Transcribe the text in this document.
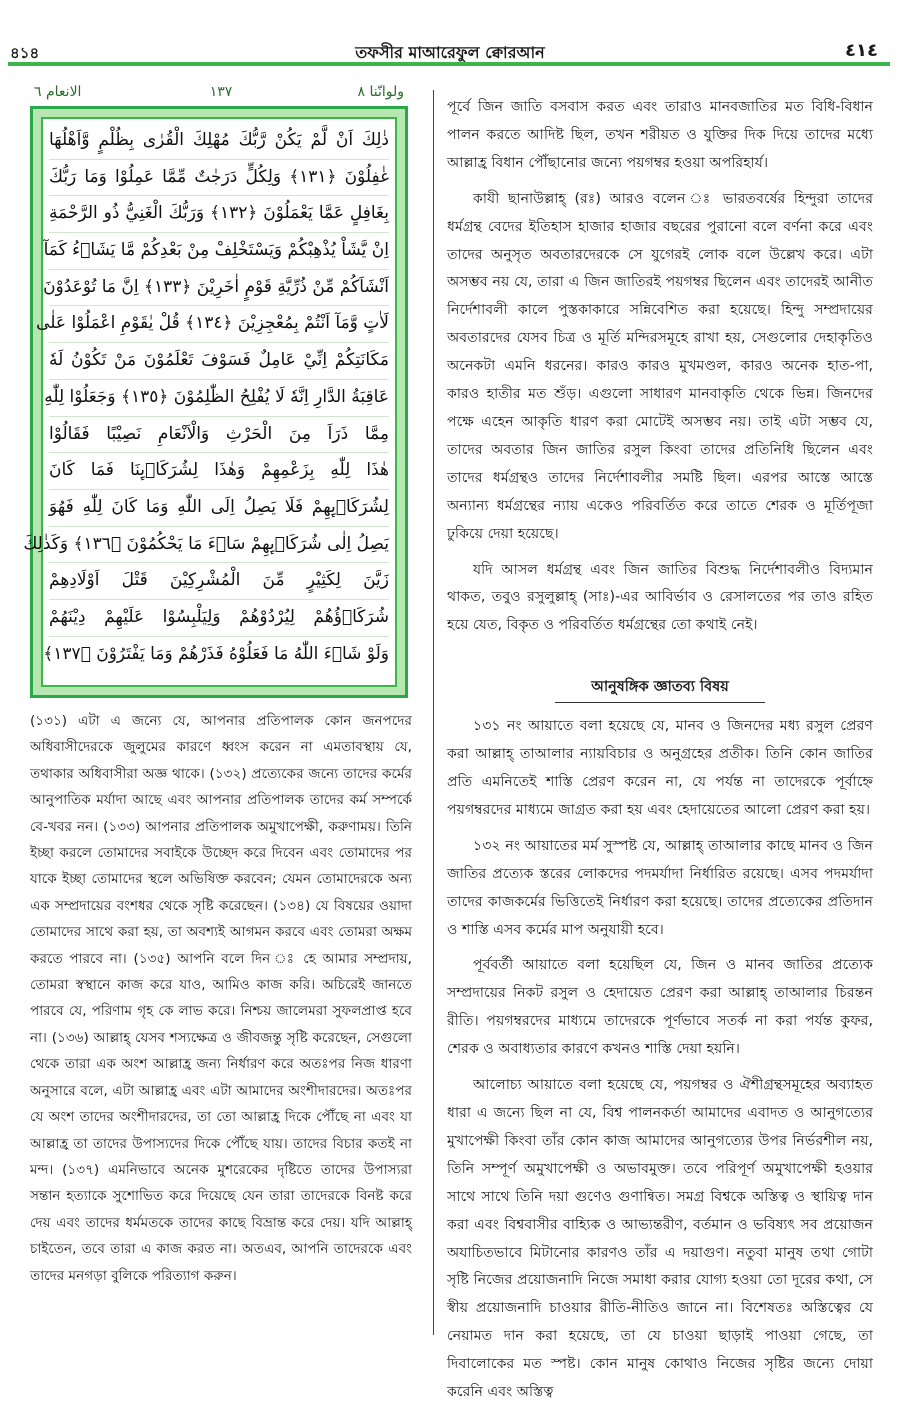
৪১৪	তফসীর মাআরেফুল ক্বোরআন	٤١٤
الانعام ٦	١٣٧	ولوانّنا ٨
ذٰلِكَ اَنْ لَّمْ يَكُنْ رَّبُّكَ مُهْلِكَ الْقُرٰى بِظُلْمٍ وَّاَهْلُهَا
غٰفِلُوْنَ ﴿١٣١﴾ وَلِكُلٍّ دَرَجٰتٌ مِّمَّا عَمِلُوْا وَمَا رَبُّكَ
بِغَافِلٍ عَمَّا يَعْمَلُوْنَ ﴿١٣٢﴾ وَرَبُّكَ الْغَنِيُّ ذُو الرَّحْمَةِ
اِنْ يَّشَاْ يُذْهِبْكُمْ وَيَسْتَخْلِفْ مِنْ بَعْدِكُمْ مَّا يَشَاۤءُ كَمَآ
اَنْشَاَكُمْ مِّنْ ذُرِّيَّةِ قَوْمٍ اٰخَرِيْنَ ﴿١٣٣﴾ اِنَّ مَا تُوْعَدُوْنَ
لَاٰتٍ وَّمَآ اَنْتُمْ بِمُعْجِزِيْنَ ﴿١٣٤﴾ قُلْ يٰقَوْمِ اعْمَلُوْا عَلٰى
مَكَانَتِكُمْ اِنِّيْ عَامِلٌ فَسَوْفَ تَعْلَمُوْنَ مَنْ تَكُوْنُ لَهٗ
عَاقِبَةُ الدَّارِ اِنَّهٗ لَا يُفْلِحُ الظّٰلِمُوْنَ ﴿١٣٥﴾ وَجَعَلُوْا لِلّٰهِ
مِمَّا ذَرَاَ مِنَ الْحَرْثِ وَالْاَنْعَامِ نَصِيْبًا فَقَالُوْا
هٰذَا لِلّٰهِ بِزَعْمِهِمْ وَهٰذَا لِشُرَكَاۤىِٕنَا فَمَا كَانَ
لِشُرَكَاۤىِٕهِمْ فَلَا يَصِلُ اِلَى اللّٰهِ وَمَا كَانَ لِلّٰهِ فَهُوَ
يَصِلُ اِلٰى شُرَكَاۤىِٕهِمْ سَاۤءَ مَا يَحْكُمُوْنَ ﴿١٣٦﴾ وَكَذٰلِكَ
زَيَّنَ لِكَثِيْرٍ مِّنَ الْمُشْرِكِيْنَ قَتْلَ اَوْلَادِهِمْ
شُرَكَاۤؤُهُمْ لِيُرْدُوْهُمْ وَلِيَلْبِسُوْا عَلَيْهِمْ دِيْنَهُمْ
وَلَوْ شَاۤءَ اللّٰهُ مَا فَعَلُوْهُ فَذَرْهُمْ وَمَا يَفْتَرُوْنَ ﴿١٣٧﴾
(১৩১) এটা এ জন্যে যে, আপনার প্রতিপালক কোন জনপদের অধিবাসীদেরকে জুলুমের কারণে ধ্বংস করেন না এমতাবস্থায় যে, তথাকার অধিবাসীরা অজ্ঞ থাকে। (১৩২) প্রত্যেকের জন্যে তাদের কর্মের আনুপাতিক মর্যাদা আছে এবং আপনার প্রতিপালক তাদের কর্ম সম্পর্কে বে-খবর নন। (১৩৩) আপনার প্রতিপালক অমুখাপেক্ষী, করুণাময়। তিনি ইচ্ছা করলে তোমাদের সবাইকে উচ্ছেদ করে দিবেন এবং তোমাদের পর যাকে ইচ্ছা তোমাদের স্থলে অভিষিক্ত করবেন; যেমন তোমাদেরকে অন্য এক সম্প্রদায়ের বংশধর থেকে সৃষ্টি করেছেন। (১৩৪) যে বিষয়ের ওয়াদা তোমাদের সাথে করা হয়, তা অবশ্যই আগমন করবে এবং তোমরা অক্ষম করতে পারবে না। (১৩৫) আপনি বলে দিন ঃ হে আমার সম্প্রদায়, তোমরা স্বস্থানে কাজ করে যাও, আমিও কাজ করি। অচিরেই জানতে পারবে যে, পরিণাম গৃহ কে লাভ করে। নিশ্চয় জালেমরা সুফলপ্রাপ্ত হবে না। (১৩৬) আল্লাহ্ যেসব শস্যক্ষেত্র ও জীবজন্তু সৃষ্টি করেছেন, সেগুলো থেকে তারা এক অংশ আল্লাহ্র জন্য নির্ধারণ করে অতঃপর নিজ ধারণা অনুসারে বলে, এটা আল্লাহ্র এবং এটা আমাদের অংশীদারদের। অতঃপর যে অংশ তাদের অংশীদারদের, তা তো আল্লাহ্র দিকে পৌঁছে না এবং যা আল্লাহ্র তা তাদের উপাস্যদের দিকে পৌঁছে যায়। তাদের বিচার কতই না মন্দ। (১৩৭) এমনিভাবে অনেক মুশরেকের দৃষ্টিতে তাদের উপাস্যরা সন্তান হত্যাকে সুশোভিত করে দিয়েছে যেন তারা তাদেরকে বিনষ্ট করে দেয় এবং তাদের ধর্মমতকে তাদের কাছে বিভ্রান্ত করে দেয়। যদি আল্লাহ্ চাইতেন, তবে তারা এ কাজ করত না। অতএব, আপনি তাদেরকে এবং তাদের মনগড়া বুলিকে পরিত্যাগ করুন।

পূর্বে জিন জাতি বসবাস করত এবং তারাও মানবজাতির মত বিধি-বিধান পালন করতে আদিষ্ট ছিল, তখন শরীয়ত ও যুক্তির দিক দিয়ে তাদের মধ্যে আল্লাহ্র বিধান পৌঁছানোর জন্যে পয়গম্বর হওয়া অপরিহার্য।

কাযী ছানাউল্লাহ্ (রঃ) আরও বলেন ঃ ভারতবর্ষের হিন্দুরা তাদের ধর্মগ্রন্থ বেদের ইতিহাস হাজার হাজার বছরের পুরানো বলে বর্ণনা করে এবং তাদের অনুসৃত অবতারদেরকে সে যুগেরই লোক বলে উল্লেখ করে। এটা অসম্ভব নয় যে, তারা এ জিন জাতিরই পয়গম্বর ছিলেন এবং তাদেরই আনীত নির্দেশাবলী কালে পুস্তকাকারে সন্নিবেশিত করা হয়েছে। হিন্দু সম্প্রদায়ের অবতারদের যেসব চিত্র ও মূর্তি মন্দিরসমূহে রাখা হয়, সেগুলোর দেহাকৃতিও অনেকটা এমনি ধরনের। কারও কারও মুখমণ্ডল, কারও অনেক হাত-পা, কারও হাতীর মত শুঁড়। এগুলো সাধারণ মানবাকৃতি থেকে ভিন্ন। জিনদের পক্ষে এহেন আকৃতি ধারণ করা মোটেই অসম্ভব নয়। তাই এটা সম্ভব যে, তাদের অবতার জিন জাতির রসুল কিংবা তাদের প্রতিনিধি ছিলেন এবং তাদের ধর্মগ্রন্থও তাদের নির্দেশাবলীর সমষ্টি ছিল। এরপর আস্তে আস্তে অন্যান্য ধর্মগ্রন্থের ন্যায় একেও পরিবর্তিত করে তাতে শেরক ও মূর্তিপূজা ঢুকিয়ে দেয়া হয়েছে।

যদি আসল ধর্মগ্রন্থ এবং জিন জাতির বিশুদ্ধ নির্দেশাবলীও বিদ্যমান থাকত, তবুও রসুলুল্লাহ্ (সাঃ)-এর আবির্ভাব ও রেসালতের পর তাও রহিত হয়ে যেত, বিকৃত ও পরিবর্তিত ধর্মগ্রন্থের তো কথাই নেই।

আনুষঙ্গিক জ্ঞাতব্য বিষয়

১৩১ নং আয়াতে বলা হয়েছে যে, মানব ও জিনদের মধ্য রসুল প্রেরণ করা আল্লাহ্ তাআলার ন্যায়বিচার ও অনুগ্রহের প্রতীক। তিনি কোন জাতির প্রতি এমনিতেই শাস্তি প্রেরণ করেন না, যে পর্যন্ত না তাদেরকে পূর্বাহ্নে পয়গম্বরদের মাধ্যমে জাগ্রত করা হয় এবং হেদায়েতের আলো প্রেরণ করা হয়।

১৩২ নং আয়াতের মর্ম সুস্পষ্ট যে, আল্লাহ্ তাআলার কাছে মানব ও জিন জাতির প্রত্যেক স্তরের লোকদের পদমর্যাদা নির্ধারিত রয়েছে। এসব পদমর্যাদা তাদের কাজকর্মের ভিত্তিতেই নির্ধারণ করা হয়েছে। তাদের প্রত্যেকের প্রতিদান ও শাস্তি এসব কর্মের মাপ অনুযায়ী হবে।

পূর্ববর্তী আয়াতে বলা হয়েছিল যে, জিন ও মানব জাতির প্রত্যেক সম্প্রদায়ের নিকট রসুল ও হেদায়েত প্রেরণ করা আল্লাহ্ তাআলার চিরন্তন রীতি। পয়গম্বরদের মাধ্যমে তাদেরকে পূর্ণভাবে সতর্ক না করা পর্যন্ত কুফর, শেরক ও অবাধ্যতার কারণে কখনও শাস্তি দেয়া হয়নি।

আলোচ্য আয়াতে বলা হয়েছে যে, পয়গম্বর ও ঐশীগ্রন্থসমূহের অব্যাহত ধারা এ জন্যে ছিল না যে, বিশ্ব পালনকর্তা আমাদের এবাদত ও আনুগত্যের মুখাপেক্ষী কিংবা তাঁর কোন কাজ আমাদের আনুগত্যের উপর নির্ভরশীল নয়, তিনি সম্পূর্ণ অমুখাপেক্ষী ও অভাবমুক্ত। তবে পরিপূর্ণ অমুখাপেক্ষী হওয়ার সাথে সাথে তিনি দয়া গুণেও গুণান্বিত। সমগ্র বিশ্বকে অস্তিত্ব ও স্থায়িত্ব দান করা এবং বিশ্ববাসীর বাহ্যিক ও আভ্যন্তরীণ, বর্তমান ও ভবিষ্যৎ সব প্রয়োজন অযাচিতভাবে মিটানোর কারণও তাঁর এ দয়াগুণ। নতুবা মানুষ তথা গোটা সৃষ্টি নিজের প্রয়োজনাদি নিজে সমাধা করার যোগ্য হওয়া তো দূরের কথা, সে স্বীয় প্রয়োজনাদি চাওয়ার রীতি-নীতিও জানে না। বিশেষতঃ অস্তিত্বের যে নেয়ামত দান করা হয়েছে, তা যে চাওয়া ছাড়াই পাওয়া গেছে, তা দিবালোকের মত স্পষ্ট। কোন মানুষ কোথাও নিজের সৃষ্টির জন্যে দোয়া করেনি এবং অস্তিত্ব
